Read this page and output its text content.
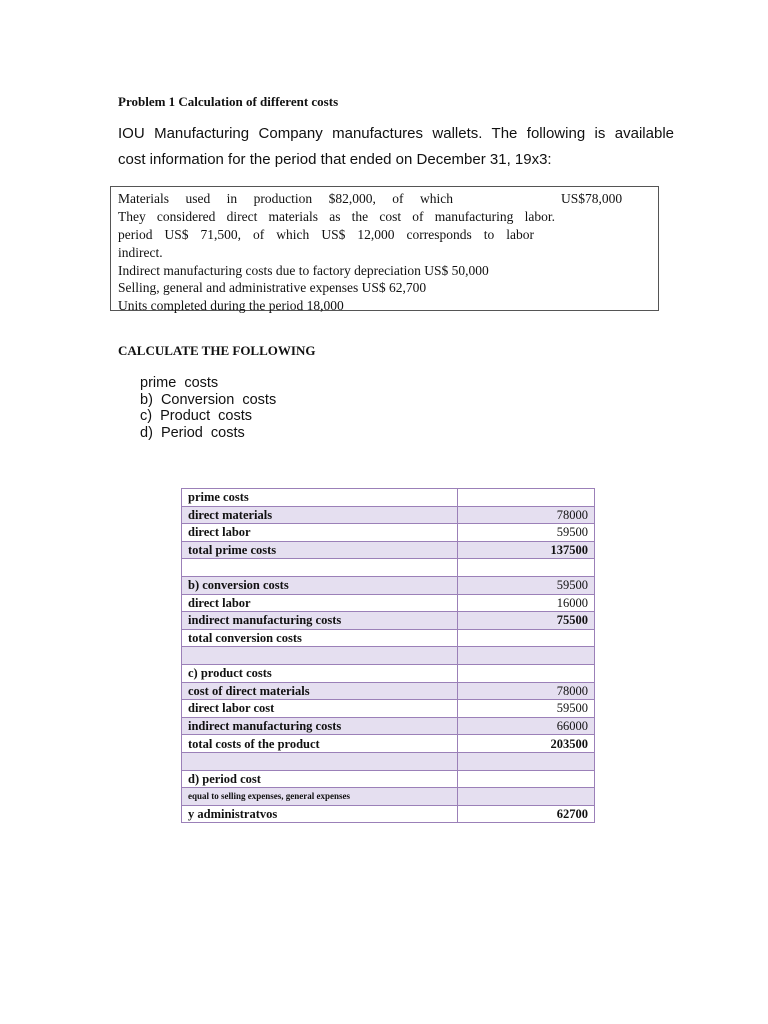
Problem 1 Calculation of different costs
IOU Manufacturing Company manufactures wallets. The following is available
cost information for the period that ended on December 31, 19x3:
Materials used in production $82,000, of which	US$78,000
They considered direct materials as the cost of manufacturing labor.
period US$ 71,500, of which US$ 12,000 corresponds to labor
indirect.
Indirect manufacturing costs due to factory depreciation US$ 50,000
Selling, general and administrative expenses US$ 62,700
Units completed during the period 18,000
CALCULATE THE FOLLOWING
prime  costs
b)  Conversion  costs
c)  Product  costs
d)  Period  costs
prime costs	
direct materials	78000
direct labor	59500
total prime costs	137500

b) conversion costs	59500
direct labor	16000
indirect manufacturing costs	75500
total conversion costs	

c) product costs	
cost of direct materials	78000
direct labor cost	59500
indirect manufacturing costs	66000
total costs of the product	203500

d) period cost	
equal to selling expenses, general expenses	
y administratvos	62700
